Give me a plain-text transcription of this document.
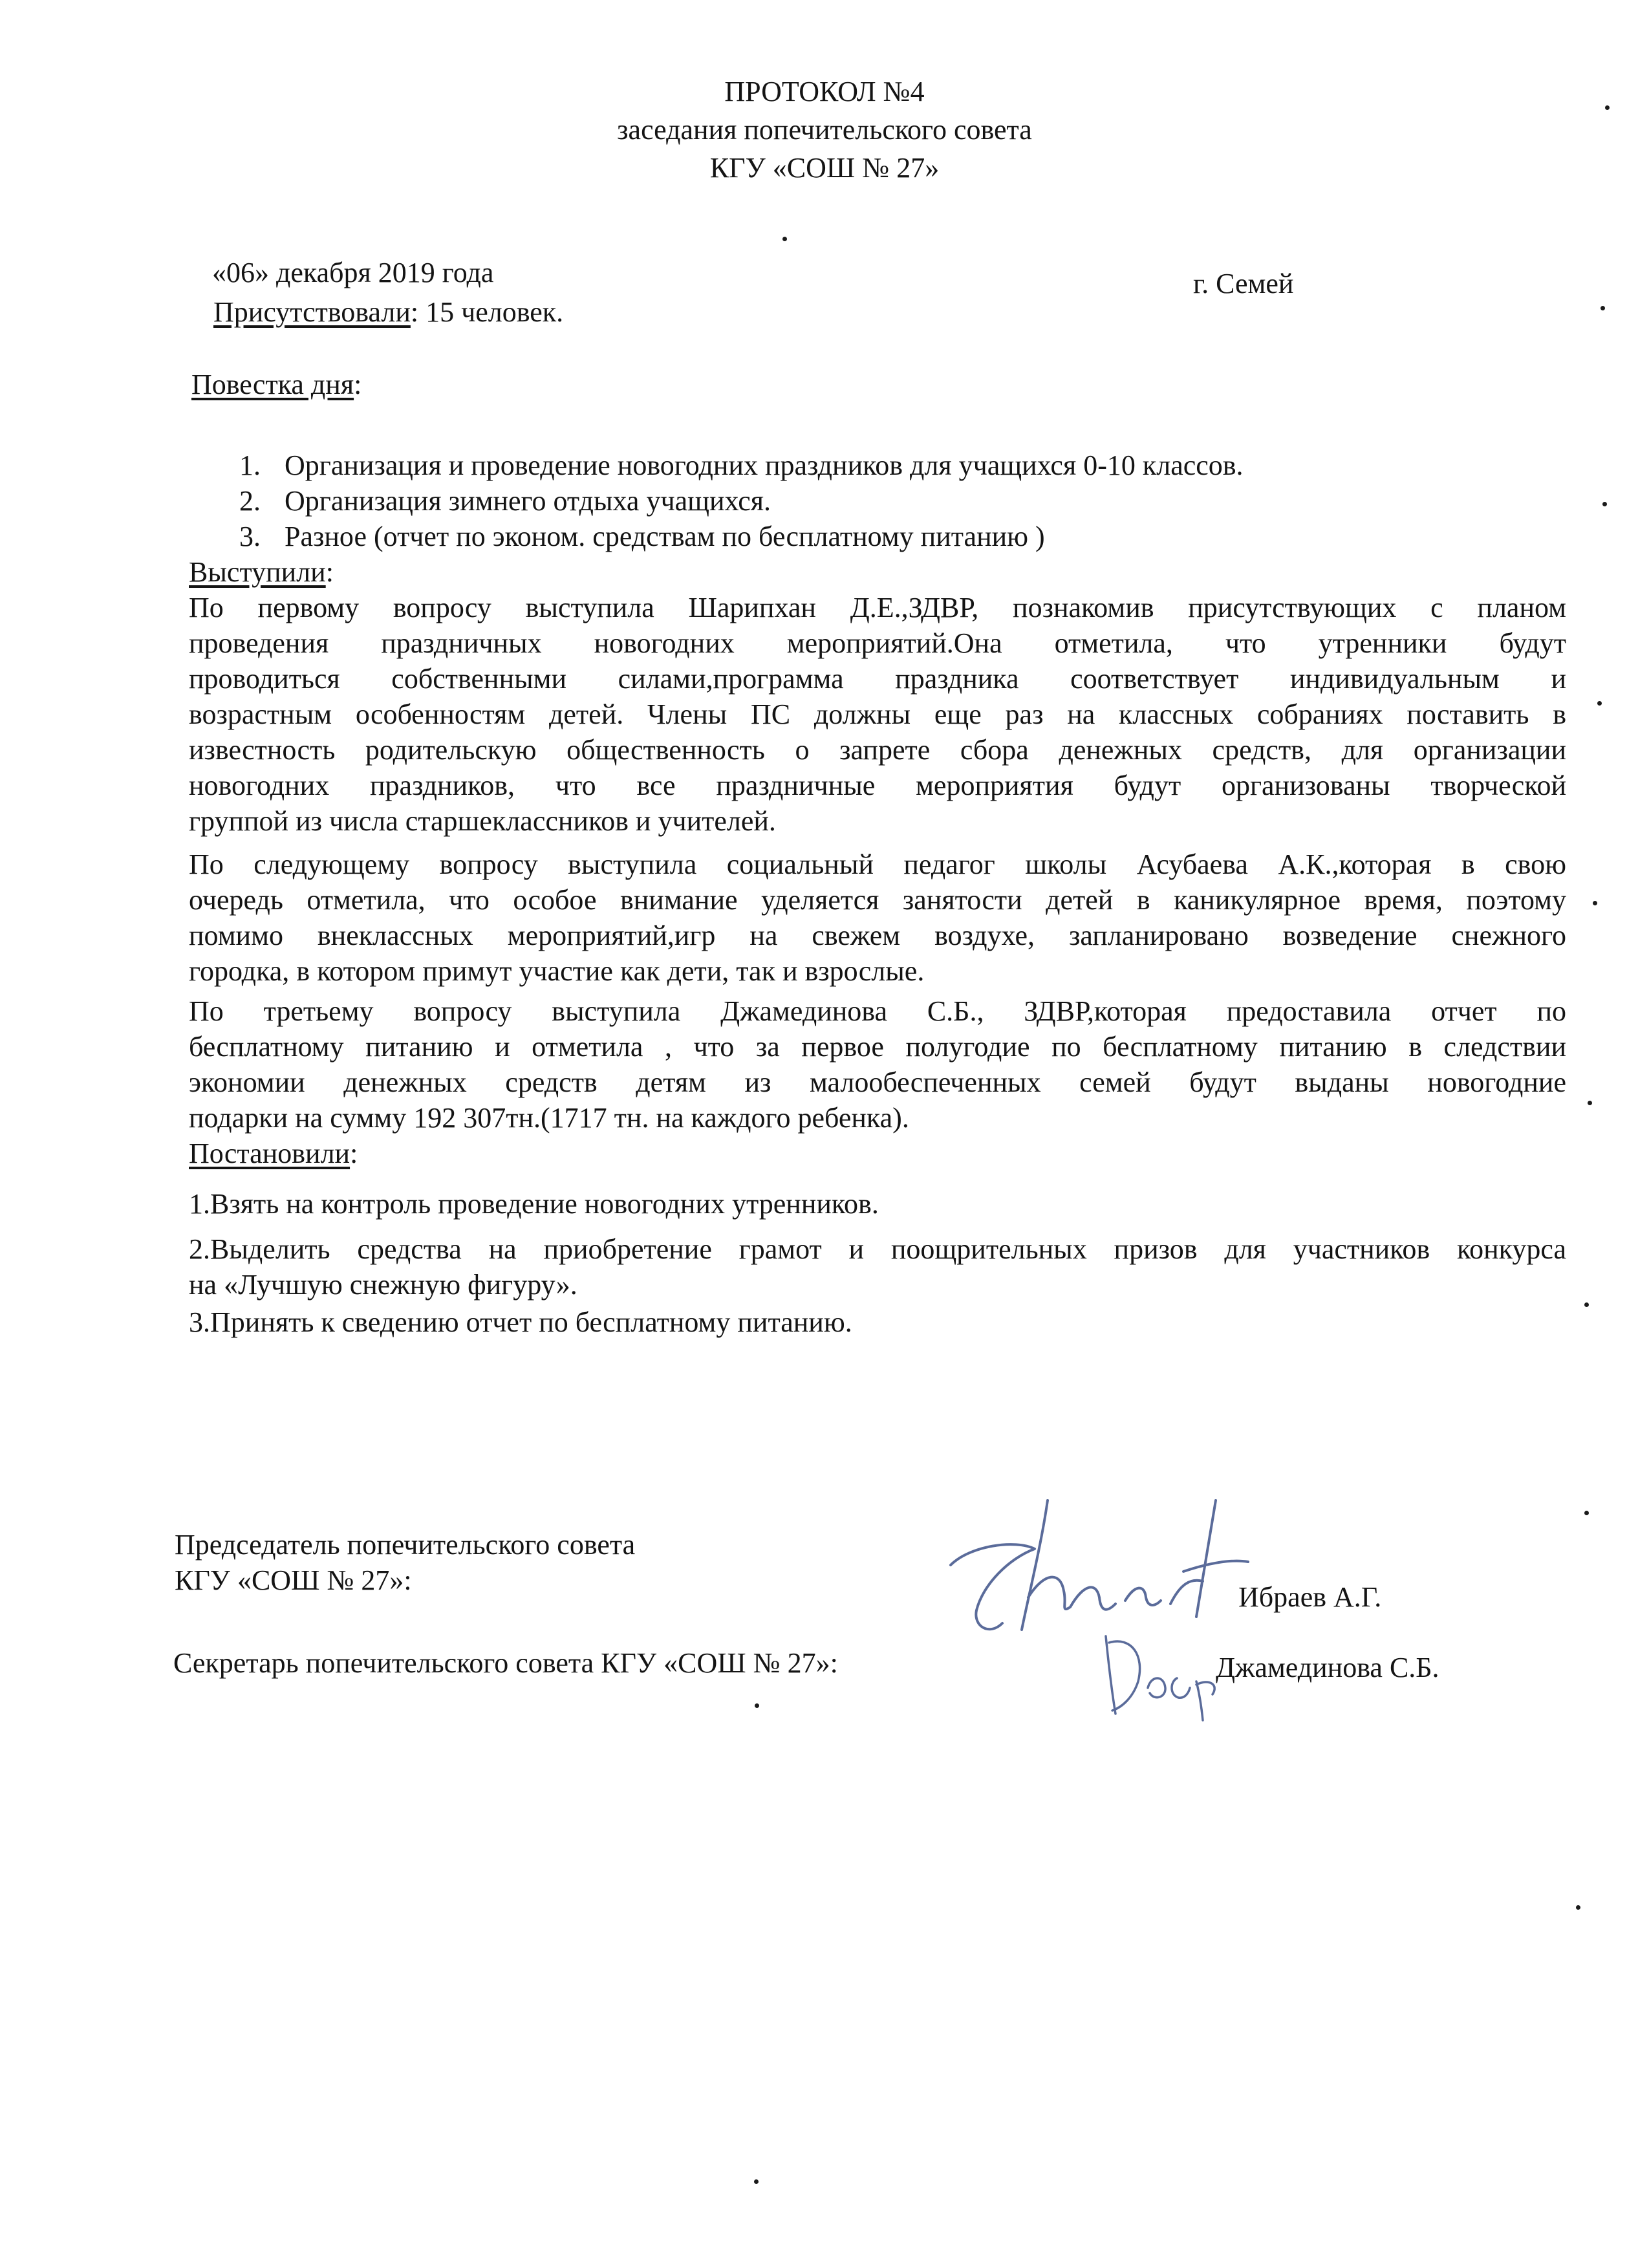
ПРОТОКОЛ №4
заседания попечительского совета
КГУ «СОШ № 27»
«06» декабря 2019 года	г. Семей
Присутствовали: 15 человек.
Повестка дня:
1. Организация и проведение новогодних праздников для учащихся 0-10 классов.
2. Организация зимнего отдыха учащихся.
3. Разное (отчет по эконом. средствам по бесплатному питанию )
Выступили:
По первому вопросу выступила Шарипхан Д.Е.,ЗДВР, познакомив присутствующих с планом
проведения праздничных новогодних мероприятий.Она отметила, что утренники будут
проводиться собственными силами,программа праздника соответствует индивидуальным и
возрастным особенностям детей. Члены ПС должны еще раз на классных собраниях поставить в
известность родительскую общественность о запрете сбора денежных средств, для организации
новогодних праздников, что все праздничные мероприятия будут организованы творческой
группой из числа старшеклассников и учителей.
По следующему вопросу выступила социальный педагог школы Асубаева А.К.,которая в свою
очередь отметила, что особое внимание уделяется занятости детей в каникулярное время, поэтому
помимо внеклассных мероприятий,игр на свежем воздухе, запланировано возведение снежного
городка, в котором примут участие как дети, так и взрослые.
По третьему вопросу выступила Джамединова С.Б., ЗДВР,которая предоставила отчет по
бесплатному питанию и отметила , что за первое полугодие по бесплатному питанию в следствии
экономии денежных средств детям из малообеспеченных семей будут выданы новогодние
подарки на сумму 192 307тн.(1717 тн. на каждого ребенка).
Постановили:
1.Взять на контроль проведение новогодних утренников.
2.Выделить средства на приобретение грамот и поощрительных призов для участников конкурса
на «Лучшую снежную фигуру».
3.Принять к сведению отчет по бесплатному питанию.
Председатель попечительского совета
КГУ «СОШ № 27»:
Ибраев А.Г.
Секретарь попечительского совета КГУ «СОШ № 27»:	Джамединова С.Б.
